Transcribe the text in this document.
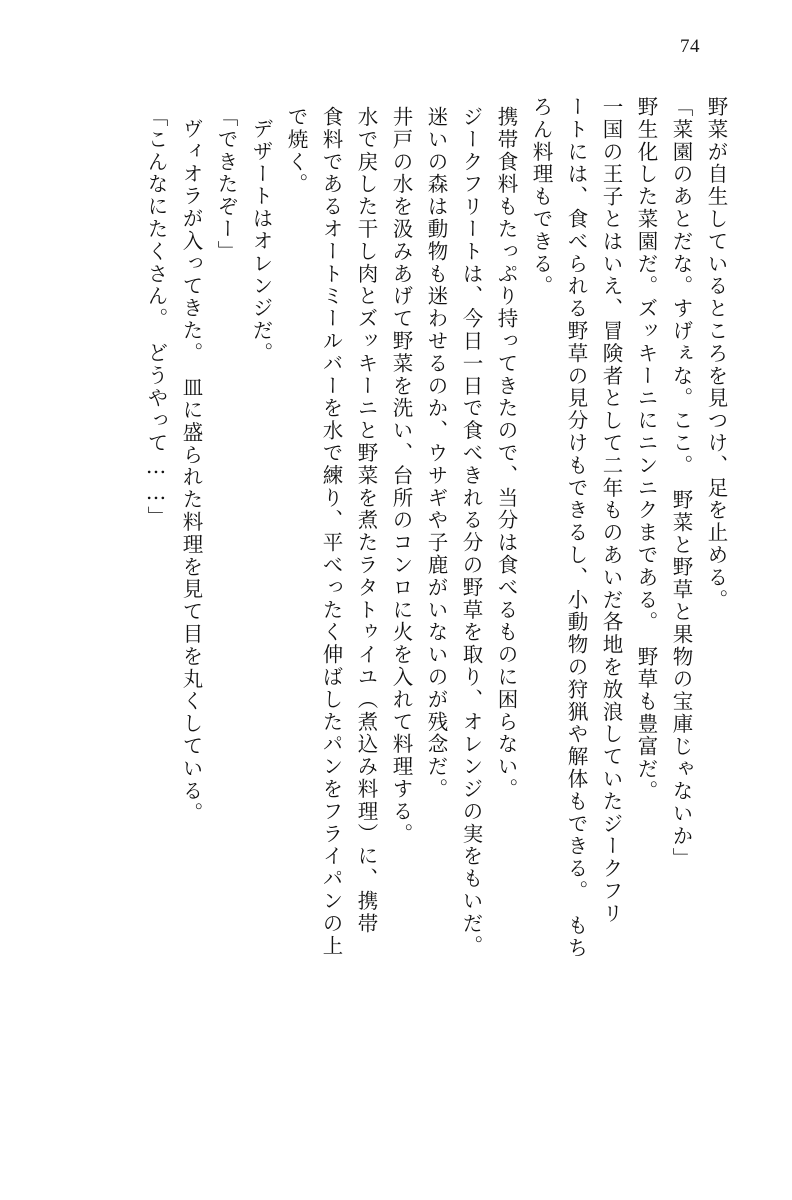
74
野菜が自生しているところを見つけ、足を止める。
「菜園のあとだな。すげぇな。ここ。　野菜と野草と果物の宝庫じゃないか」
野生化した菜園だ。ズッキーニにニンニクまである。　野草も豊富だ。
一国の王子とはいえ、冒険者として二年ものあいだ各地を放浪していたジークフリ
ートには、食べられる野草の見分けもできるし、小動物の狩猟や解体もできる。　もち
ろん料理もできる。
携帯食料もたっぷり持ってきたので、当分は食べるものに困らない。
ジークフリートは、今日一日で食べきれる分の野草を取り、オレンジの実をもいだ。
迷いの森は動物も迷わせるのか、ウサギや子鹿がいないのが残念だ。
井戸の水を汲みあげて野菜を洗い、台所のコンロに火を入れて料理する。
水で戻した干し肉とズッキーニと野菜を煮たラタトゥイユ（煮込み料理）に、携帯
食料であるオートミールバーを水で練り、平べったく伸ばしたパンをフライパンの上
で焼く。
デザートはオレンジだ。
「できたぞー」
ヴィオラが入ってきた。　皿に盛られた料理を見て目を丸くしている。
「こんなにたくさん。　どうやって……」
